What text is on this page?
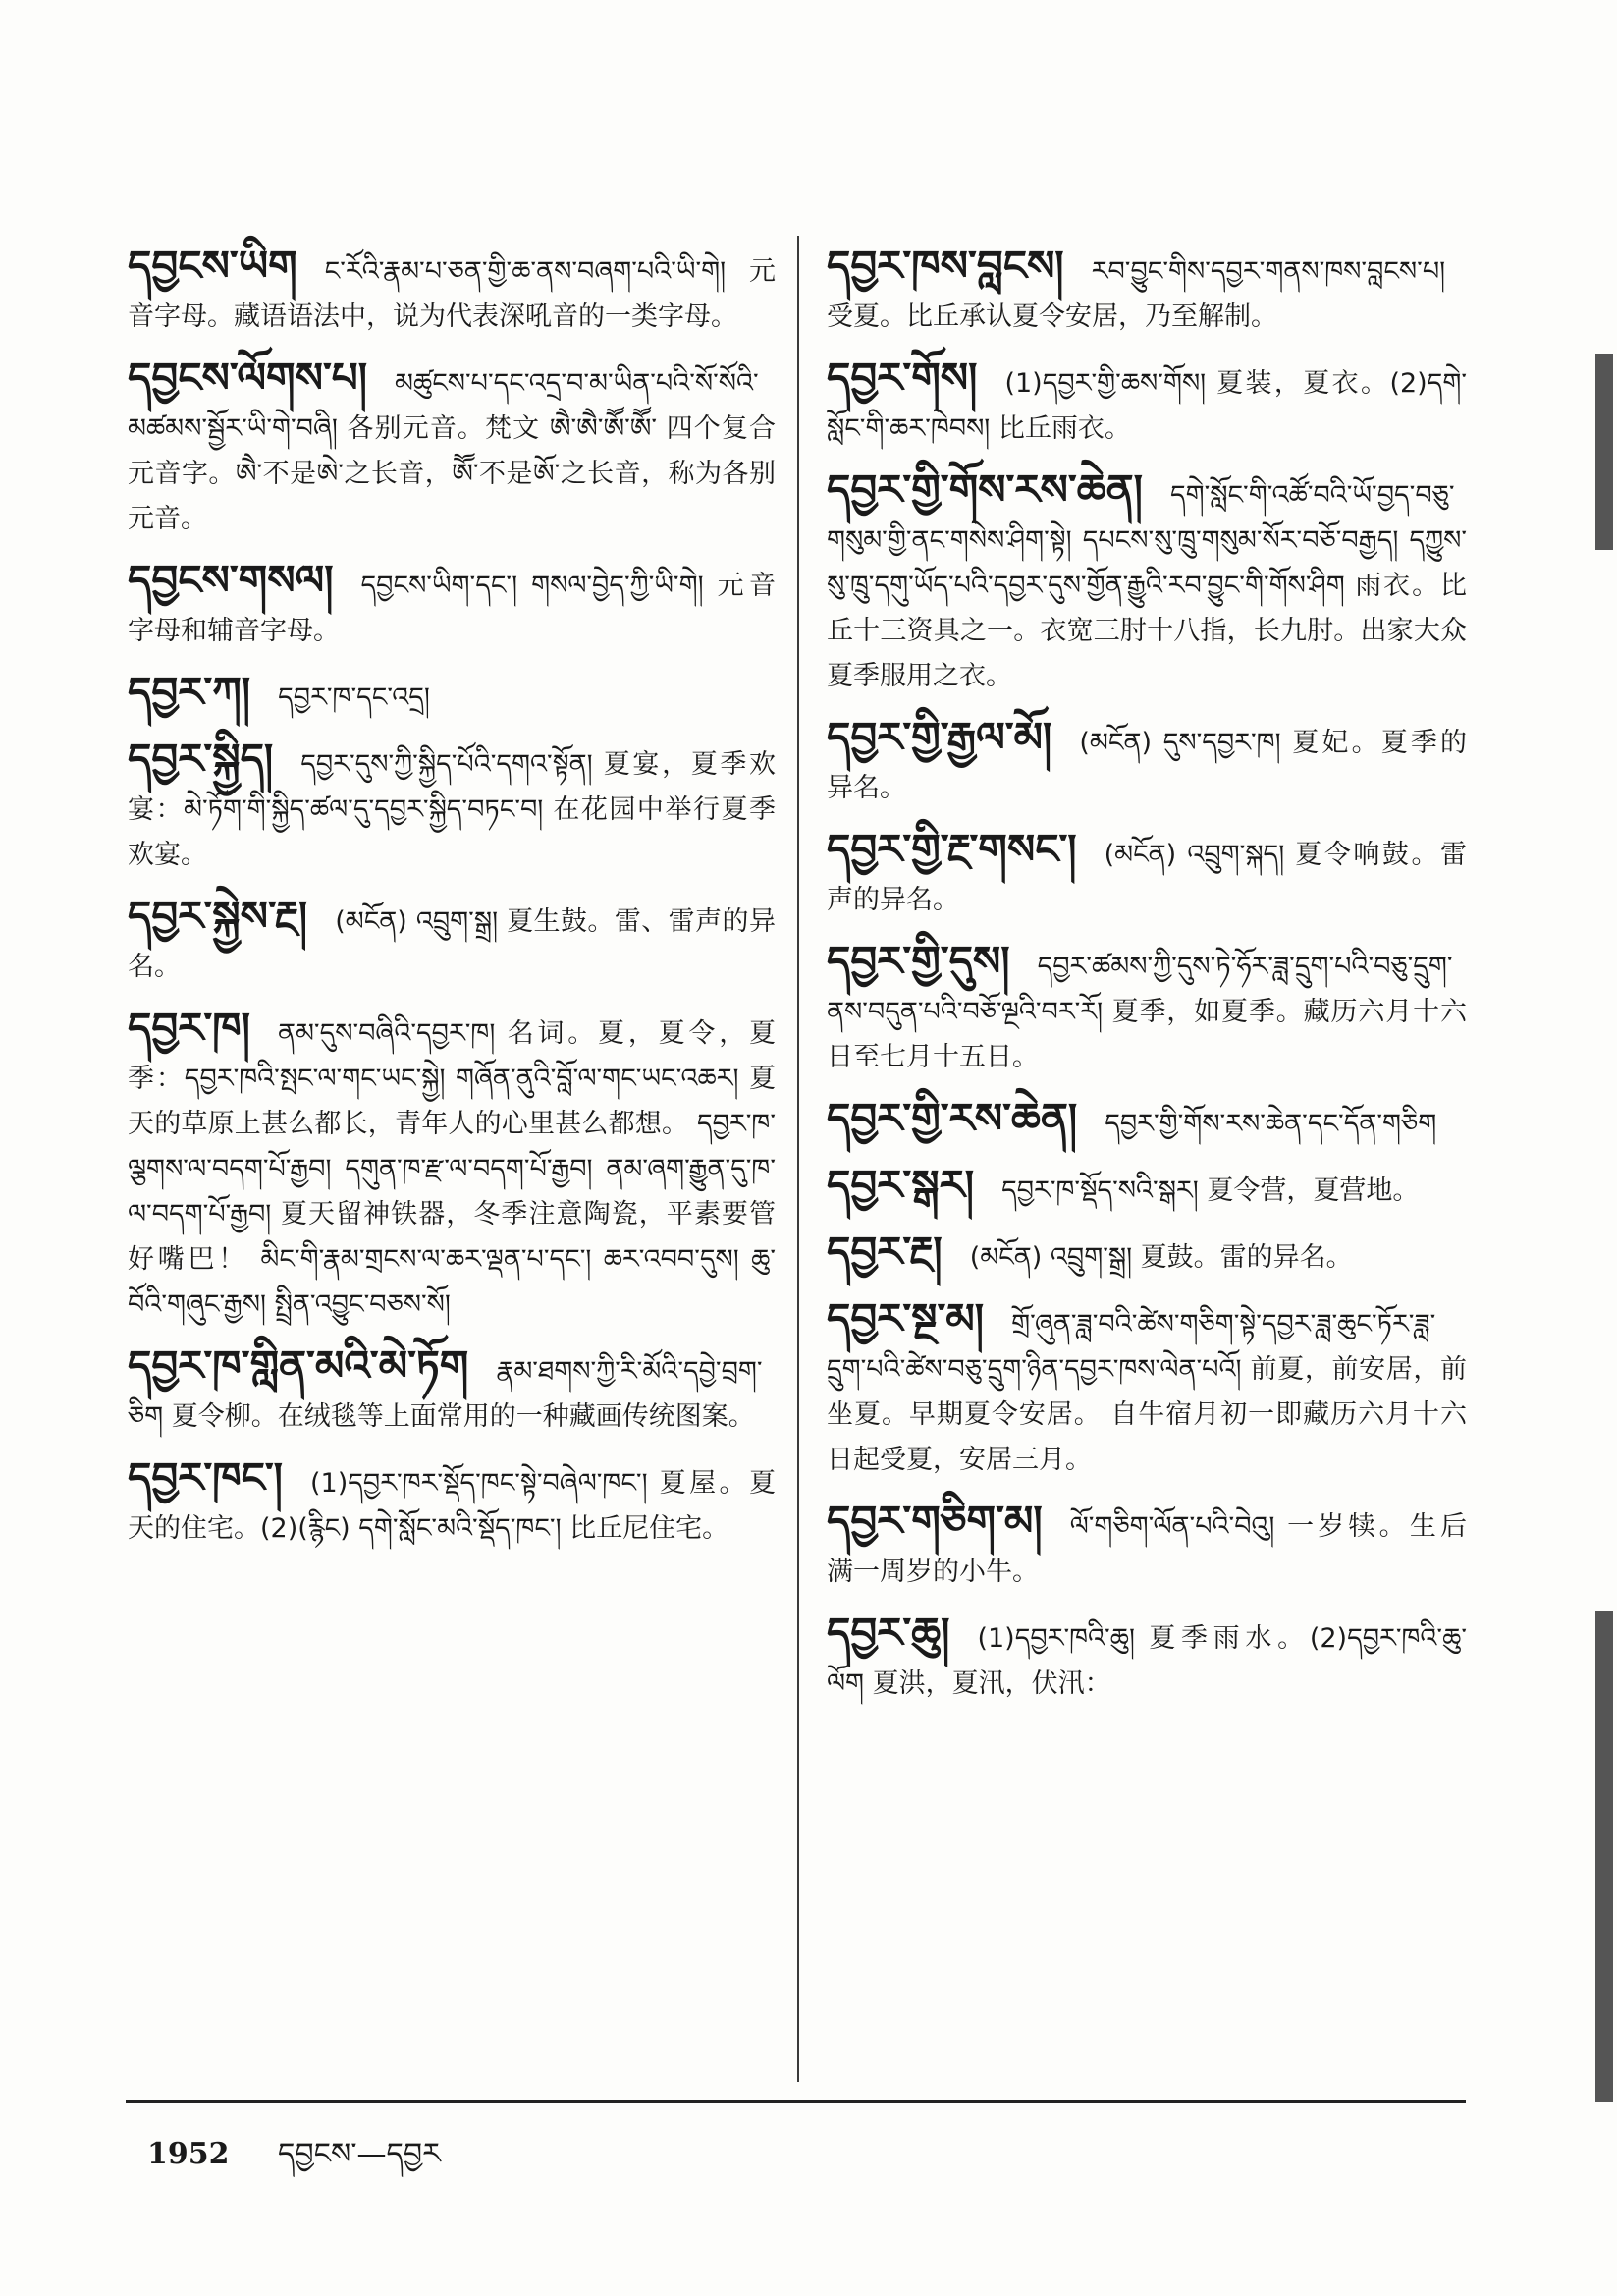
དབྱངས་ཡིག ང་རོའི་རྣམ་པ་ཅན་གྱི་ཆ་ནས་བཞག་པའི་ཡི་གེ། 元音字母。藏语语法中，说为代表深吼音的一类字母。
དབྱངས་ལོགས་པ། མཚུངས་པ་དང་འདྲ་བ་མ་ཡིན་པའི་སོ་སོའི་མཚམས་སྦྱོར་ཡི་གེ་བཞི། 各别元音。梵文 ཨཻ་ཨཻ་ཨཽ་ཨཽ་ 四个复合元音字。ཨཻ་不是ཨེ་之长音，ཨཽ་不是ཨོ་之长音，称为各别元音。
དབྱངས་གསལ། དབྱངས་ཡིག་དང་། གསལ་བྱེད་ཀྱི་ཡི་གེ། 元音字母和辅音字母。
དབྱར་ཀ། དབྱར་ཁ་དང་འདྲ།
དབྱར་སྐྱིད། དབྱར་དུས་ཀྱི་སྐྱིད་པོའི་དགའ་སྟོན། 夏宴，夏季欢宴：མེ་ཏོག་གི་སྐྱིད་ཚལ་དུ་དབྱར་སྐྱིད་བཏང་བ། 在花园中举行夏季欢宴。
དབྱར་སྐྱེས་རྔ། (མངོན) འབྲུག་སྒྲ། 夏生鼓。雷、雷声的异名。
དབྱར་ཁ། ནམ་དུས་བཞིའི་དབྱར་ཁ། 名词。夏，夏令，夏季：དབྱར་ཁའི་སྤང་ལ་གང་ཡང་སྐྱེ། གཞོན་ནུའི་བློ་ལ་གང་ཡང་འཆར། 夏天的草原上甚么都长，青年人的心里甚么都想。 དབྱར་ཁ་ལྕགས་ལ་བདག་པོ་རྒྱབ། དགུན་ཁ་རྫ་ལ་བདག་པོ་རྒྱབ། ནམ་ཞག་རྒྱུན་དུ་ཁ་ལ་བདག་པོ་རྒྱབ། 夏天留神铁器，冬季注意陶瓷，平素要管好嘴巴！ མིང་གི་རྣམ་གྲངས་ལ་ཆར་ལྡན་པ་དང་། ཆར་འབབ་དུས། ཆུ་བོའི་གཞུང་རྒྱས། སྤྲིན་འབྱུང་བཅས་སོ།
དབྱར་ཁ་གླིན་མའི་མེ་ཏོག རྣམ་ཐགས་ཀྱི་རི་མོའི་དབྱེ་བྲག་ཅིག 夏令柳。在绒毯等上面常用的一种藏画传统图案。
དབྱར་ཁང་། (1)དབྱར་ཁར་སྡོད་ཁང་སྟེ་བཞེལ་ཁང་། 夏屋。夏天的住宅。(2)(རྙིང) དགེ་སློང་མའི་སྡོད་ཁང་། 比丘尼住宅。
དབྱར་ཁས་བླངས། རབ་བྱུང་གིས་དབྱར་གནས་ཁས་བླངས་པ། 受夏。比丘承认夏令安居，乃至解制。
དབྱར་གོས། (1)དབྱར་གྱི་ཆས་གོས། 夏装，夏衣。(2)དགེ་སློང་གི་ཆར་ཁེབས། 比丘雨衣。
དབྱར་གྱི་གོས་རས་ཆེན། དགེ་སློང་གི་འཚོ་བའི་ཡོ་བྱད་བཅུ་གསུམ་གྱི་ནང་གསེས་ཤིག་སྟེ། དཔངས་སུ་ཁྲུ་གསུམ་སོར་བཅོ་བརྒྱད། དཀྱུས་སུ་ཁྲུ་དགུ་ཡོད་པའི་དབྱར་དུས་གྱོན་རྒྱུའི་རབ་བྱུང་གི་གོས་ཤིག 雨衣。比丘十三资具之一。衣宽三肘十八指，长九肘。出家大众夏季服用之衣。
དབྱར་གྱི་རྒྱལ་མོ། (མངོན) དུས་དབྱར་ཁ། 夏妃。夏季的异名。
དབྱར་གྱི་རྔ་གསང་། (མངོན) འབྲུག་སྐད། 夏令响鼓。雷声的异名。
དབྱར་གྱི་དུས། དབྱར་ཚམས་ཀྱི་དུས་ཏེ་ཧོར་ཟླ་དྲུག་པའི་བཅུ་དྲུག་ནས་བདུན་པའི་བཅོ་ལྔའི་བར་རོ། 夏季，如夏季。藏历六月十六日至七月十五日。
དབྱར་གྱི་རས་ཆེན། དབྱར་གྱི་གོས་རས་ཆེན་དང་དོན་གཅིག
དབྱར་སྒར། དབྱར་ཁ་སྡོད་སའི་སྒར། 夏令营，夏营地。
དབྱར་རྔ། (མངོན) འབྲུག་སྒྲ། 夏鼓。雷的异名。
དབྱར་སྔ་མ། གྲོ་ཞུན་ཟླ་བའི་ཚེས་གཅིག་སྟེ་དབྱར་ཟླ་ཆུང་ཏོར་ཟླ་དྲུག་པའི་ཚེས་བཅུ་དྲུག་ཉིན་དབྱར་ཁས་ལེན་པའོ། 前夏，前安居，前坐夏。早期夏令安居。 自牛宿月初一即藏历六月十六日起受夏，安居三月。
དབྱར་གཅིག་མ། ལོ་གཅིག་ལོན་པའི་བེའུ། 一岁犊。生后满一周岁的小牛。
དབྱར་ཆུ། (1)དབྱར་ཁའི་ཆུ། 夏季雨水。(2)དབྱར་ཁའི་ཆུ་ལོག 夏洪，夏汛，伏汛：
1952 དབྱངས་—དབྱར
